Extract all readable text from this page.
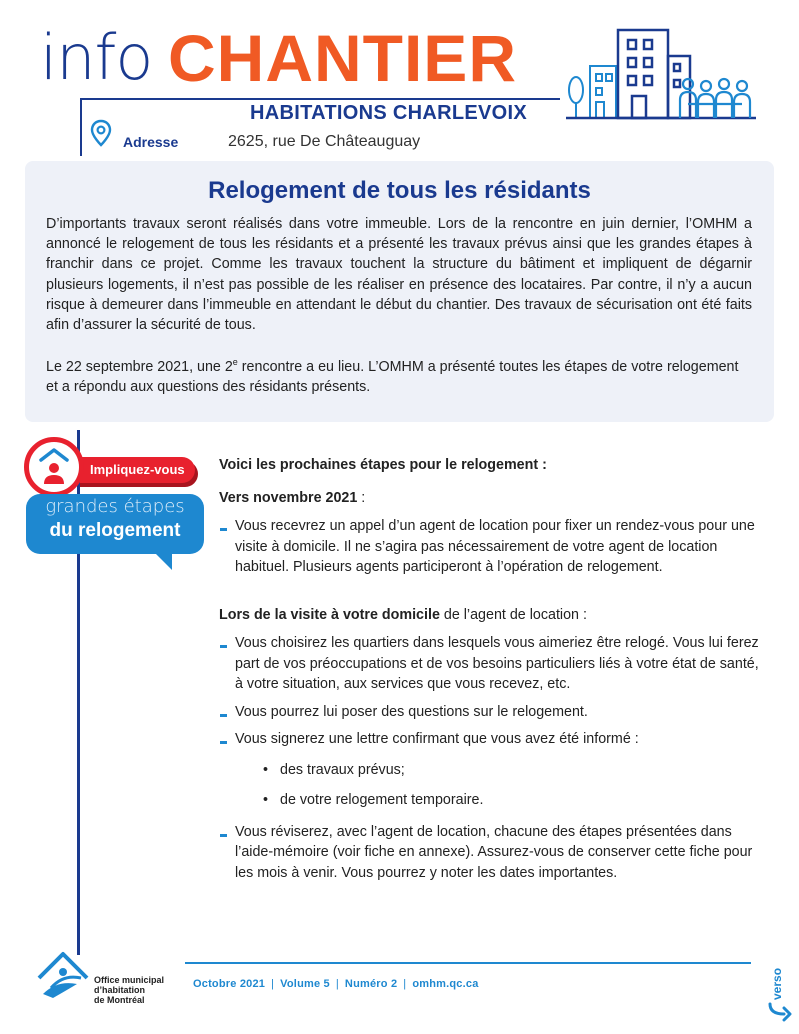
info CHANTIER
HABITATIONS CHARLEVOIX
Adresse	2625, rue De Châteauguay
Relogement de tous les résidants

D’importants travaux seront réalisés dans votre immeuble. Lors de la rencontre en juin dernier, l’OMHM a annoncé le relogement de tous les résidants et a présenté les travaux prévus ainsi que les grandes étapes à franchir dans ce projet. Comme les travaux touchent la structure du bâtiment et impliquent de dégarnir plusieurs logements, il n’est pas possible de les réaliser en présence des locataires. Par contre, il n’y a aucun risque à demeurer dans l’immeuble en attendant le début du chantier. Des travaux de sécurisation ont été faits afin d’assurer la sécurité de tous.

Le 22 septembre 2021, une 2e rencontre a eu lieu. L’OMHM a présenté toutes les étapes de votre relogement et a répondu aux questions des résidants présents.

Impliquez-vous
grandes étapes
du relogement
Voici les prochaines étapes pour le relogement :
Vers novembre 2021 :
Vous recevrez un appel d’un agent de location pour fixer un rendez-vous pour une visite à domicile. Il ne s’agira pas nécessairement de votre agent de location habituel. Plusieurs agents participeront à l’opération de relogement.
Lors de la visite à votre domicile de l’agent de location :
Vous choisirez les quartiers dans lesquels vous aimeriez être relogé. Vous lui ferez part de vos préoccupations et de vos besoins particuliers liés à votre état de santé, à votre situation, aux services que vous recevez, etc.
Vous pourrez lui poser des questions sur le relogement.
Vous signerez une lettre confirmant que vous avez été informé :
• des travaux prévus;
• de votre relogement temporaire.
Vous réviserez, avec l’agent de location, chacune des étapes présentées dans l’aide-mémoire (voir fiche en annexe). Assurez-vous de conserver cette fiche pour les mois à venir. Vous pourrez y noter les dates importantes.
Office municipal
d’habitation
de Montréal
Octobre 2021 | Volume 5 | Numéro 2 | omhm.qc.ca	verso
